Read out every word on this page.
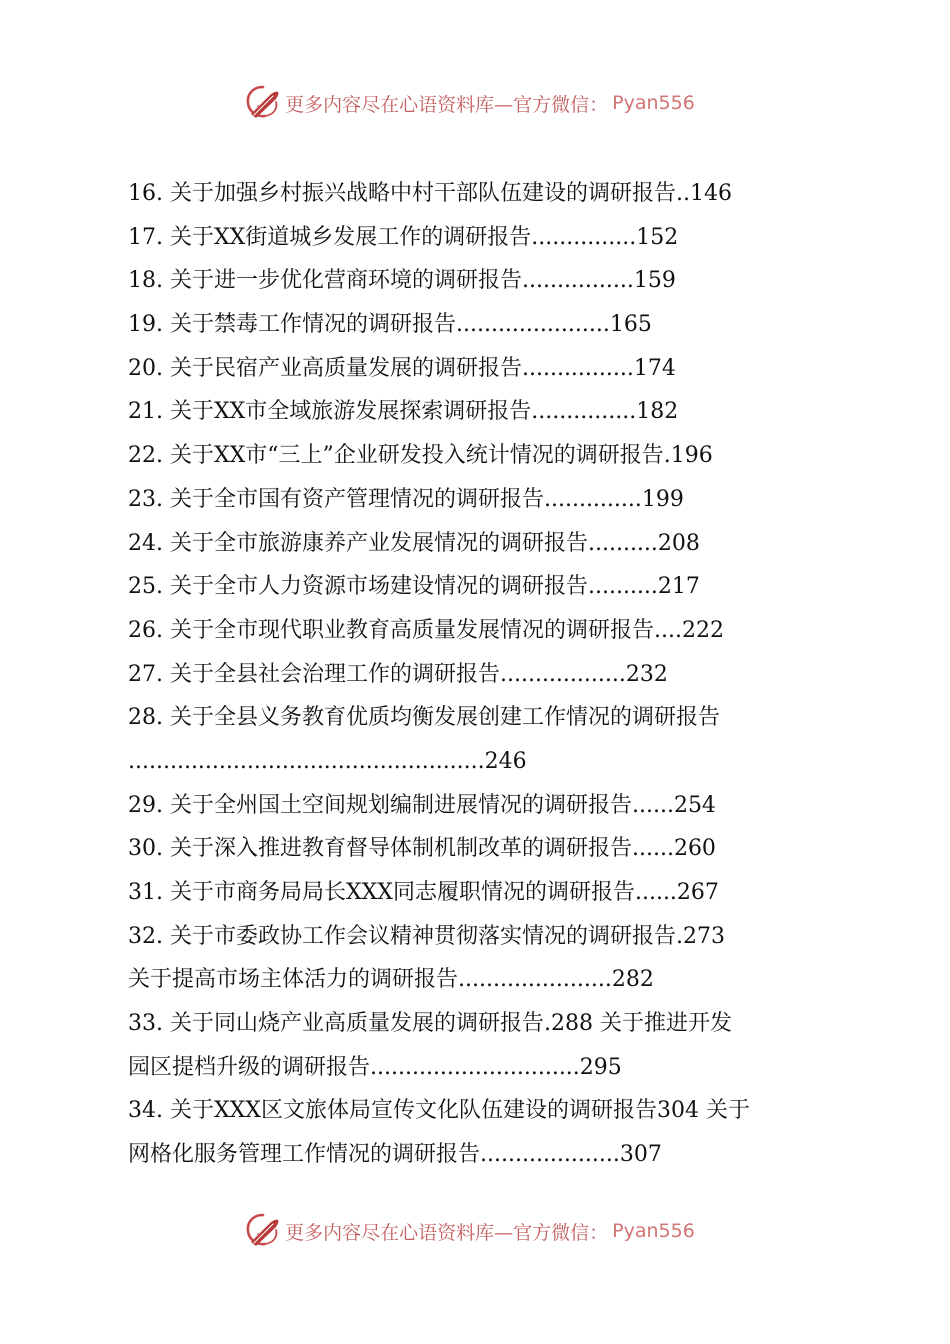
更多内容尽在心语资料库—官方微信： Pyan556
16. 关于加强乡村振兴战略中村干部队伍建设的调研报告..146
17. 关于XX街道城乡发展工作的调研报告...............152
18. 关于进一步优化营商环境的调研报告................159
19. 关于禁毒工作情况的调研报告......................165
20. 关于民宿产业高质量发展的调研报告................174
21. 关于XX市全域旅游发展探索调研报告...............182
22. 关于XX市“三上”企业研发投入统计情况的调研报告.196
23. 关于全市国有资产管理情况的调研报告..............199
24. 关于全市旅游康养产业发展情况的调研报告..........208
25. 关于全市人力资源市场建设情况的调研报告..........217
26. 关于全市现代职业教育高质量发展情况的调研报告....222
27. 关于全县社会治理工作的调研报告..................232
28. 关于全县义务教育优质均衡发展创建工作情况的调研报告
...................................................246
29. 关于全州国土空间规划编制进展情况的调研报告......254
30. 关于深入推进教育督导体制机制改革的调研报告......260
31. 关于市商务局局长XXX同志履职情况的调研报告......267
32. 关于市委政协工作会议精神贯彻落实情况的调研报告.273
关于提高市场主体活力的调研报告......................282
33. 关于同山烧产业高质量发展的调研报告.288 关于推进开发
园区提档升级的调研报告..............................295
34. 关于XXX区文旅体局宣传文化队伍建设的调研报告304 关于
网格化服务管理工作情况的调研报告....................307
更多内容尽在心语资料库—官方微信： Pyan556
